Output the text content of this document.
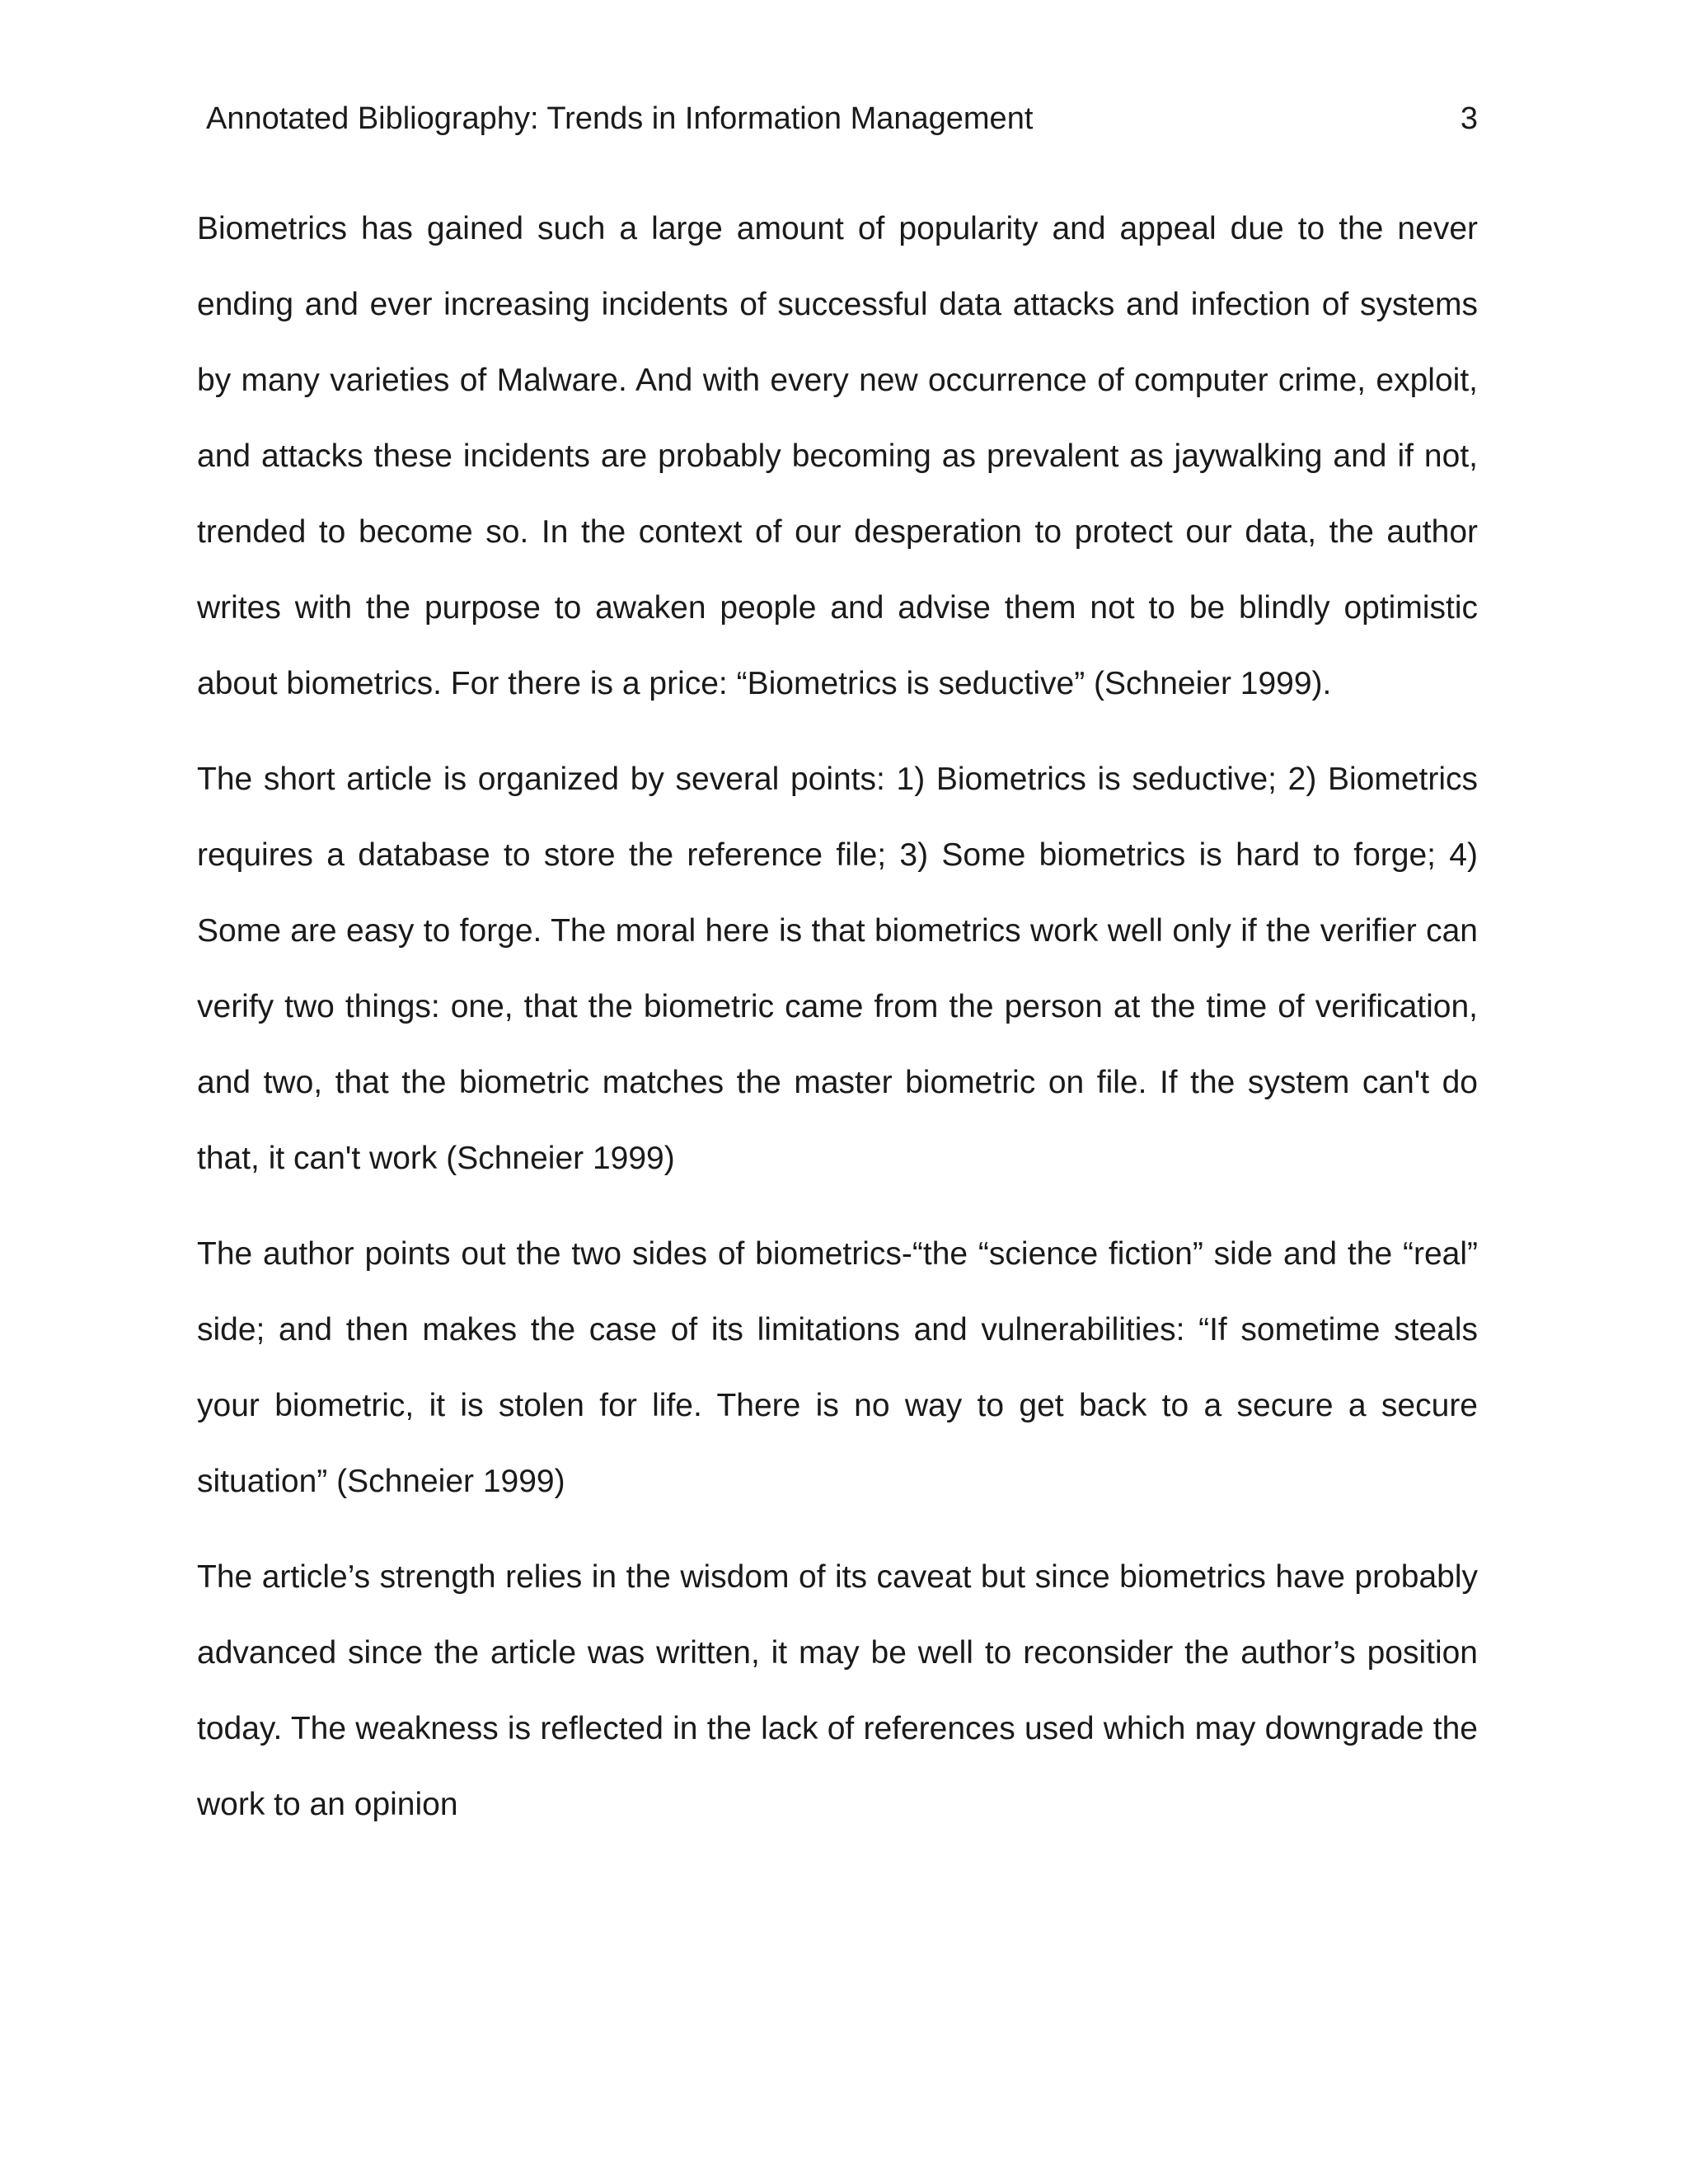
Annotated Bibliography: Trends in Information Management	3

Biometrics has gained such a large amount of popularity and appeal due to the never ending and ever increasing incidents of successful data attacks and infection of systems by many varieties of Malware. And with every new occurrence of computer crime, exploit, and attacks these incidents are probably becoming as prevalent as jaywalking and if not, trended to become so. In the context of our desperation to protect our data, the author writes with the purpose to awaken people and advise them not to be blindly optimistic about biometrics. For there is a price: “Biometrics is seductive” (Schneier 1999).

The short article is organized by several points: 1) Biometrics is seductive; 2) Biometrics requires a database to store the reference file; 3) Some biometrics is hard to forge; 4) Some are easy to forge. The moral here is that biometrics work well only if the verifier can verify two things: one, that the biometric came from the person at the time of verification, and two, that the biometric matches the master biometric on file. If the system can't do that, it can't work (Schneier 1999)

The author points out the two sides of biometrics-“the “science fiction” side and the “real” side; and then makes the case of its limitations and vulnerabilities: “If sometime steals your biometric, it is stolen for life. There is no way to get back to a secure a secure situation” (Schneier 1999)

The article’s strength relies in the wisdom of its caveat but since biometrics have probably advanced since the article was written, it may be well to reconsider the author’s position today. The weakness is reflected in the lack of references used which may downgrade the work to an opinion
